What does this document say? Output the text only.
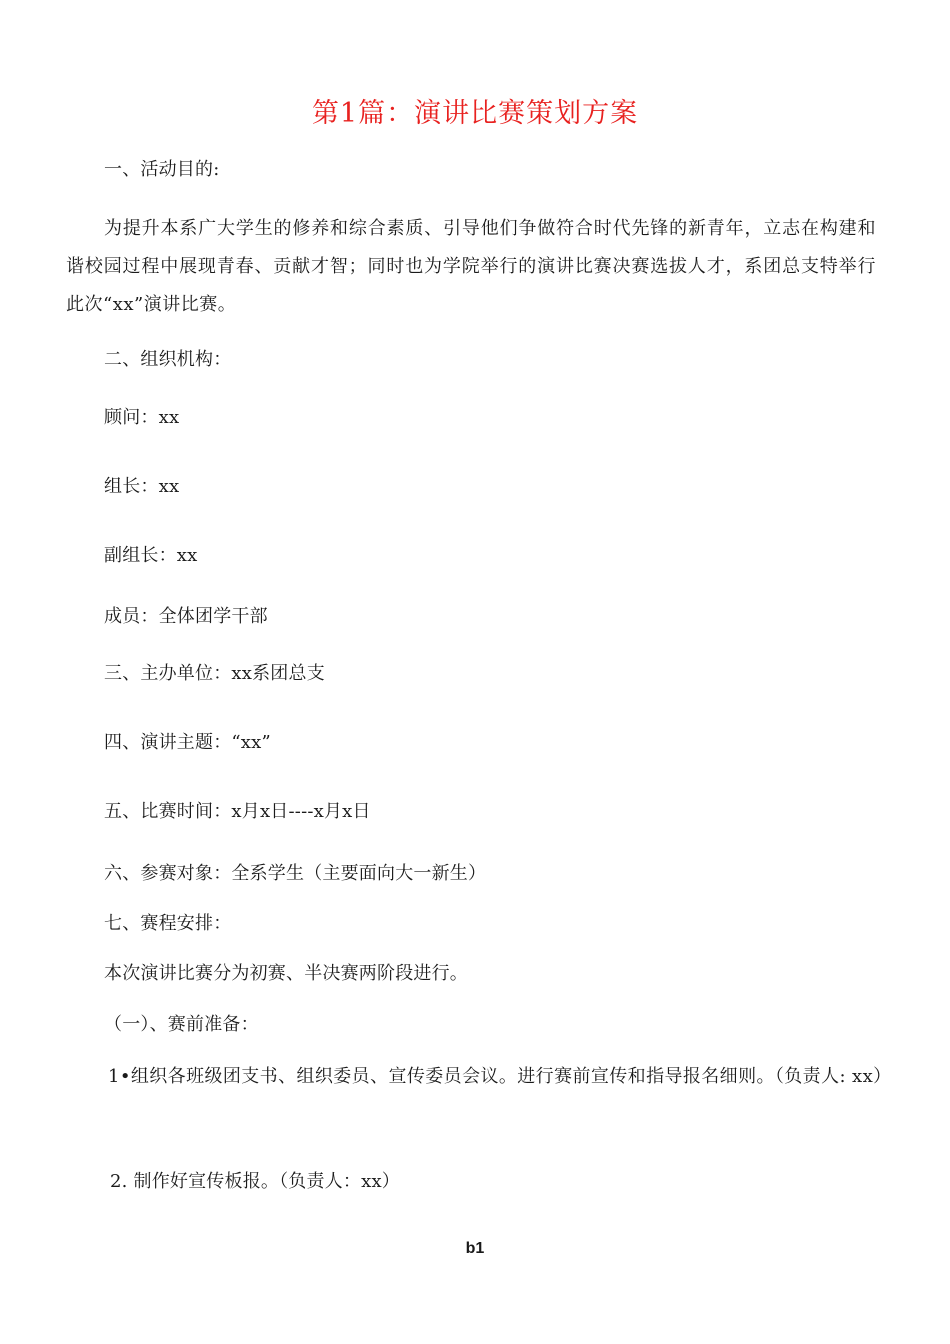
第1篇：演讲比赛策划方案
一、活动目的:
为提升本系广大学生的修养和综合素质、引导他们争做符合时代先锋的新青年，立志在构建和谐校园过程中展现青春、贡献才智；同时也为学院举行的演讲比赛决赛选拔人才，系团总支特举行此次“xx”演讲比赛。
二、组织机构：
顾问：xx
组长：xx
副组长：xx
成员：全体团学干部
三、主办单位：xx系团总支
四、演讲主题：“xx”
五、比赛时间：x月x日----x月x日
六、参赛对象：全系学生（主要面向大一新生）
七、赛程安排：
本次演讲比赛分为初赛、半决赛两阶段进行。
（一）、赛前准备：
1•组织各班级团支书、组织委员、宣传委员会议。进行赛前宣传和指导报名细则。（负责人: xx）
2. 制作好宣传板报。（负责人：xx）
b1
